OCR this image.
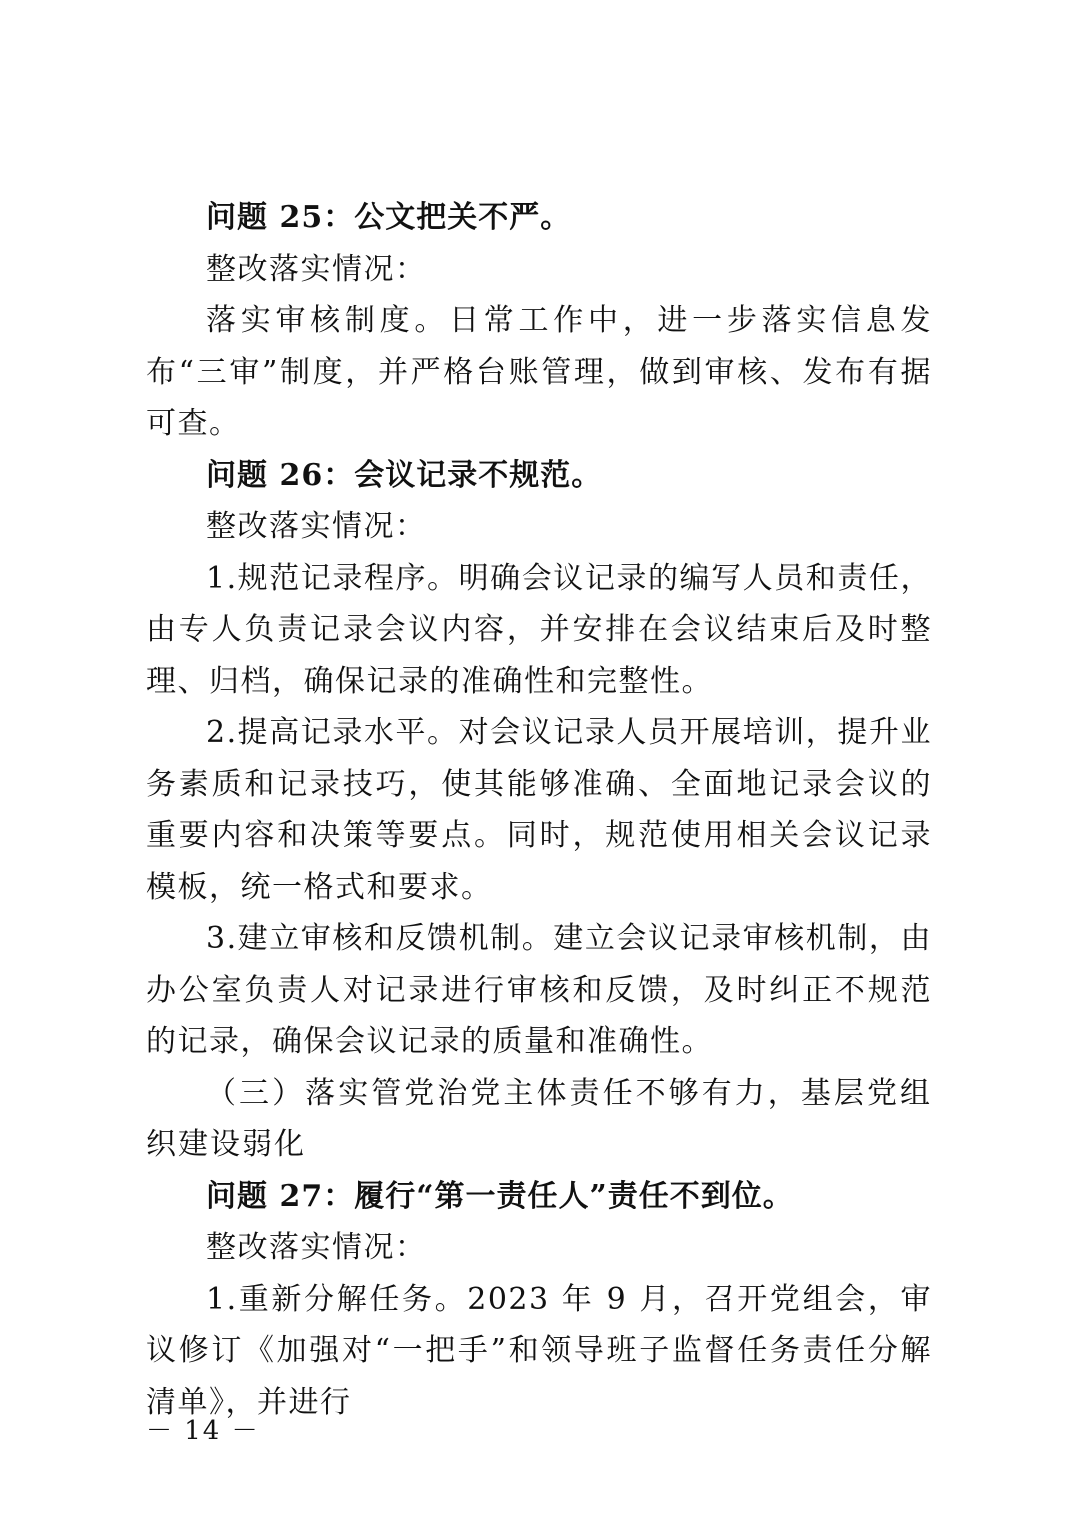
问题 25：公文把关不严。

整改落实情况：

落实审核制度。日常工作中，进一步落实信息发布“三审”制度，并严格台账管理，做到审核、发布有据可查。

问题 26：会议记录不规范。

整改落实情况：

1.规范记录程序。明确会议记录的编写人员和责任，由专人负责记录会议内容，并安排在会议结束后及时整理、归档，确保记录的准确性和完整性。

2.提高记录水平。对会议记录人员开展培训，提升业务素质和记录技巧，使其能够准确、全面地记录会议的重要内容和决策等要点。同时，规范使用相关会议记录模板，统一格式和要求。

3.建立审核和反馈机制。建立会议记录审核机制，由办公室负责人对记录进行审核和反馈，及时纠正不规范的记录，确保会议记录的质量和准确性。

（三）落实管党治党主体责任不够有力，基层党组织建设弱化

问题 27：履行“第一责任人”责任不到位。

整改落实情况：

1.重新分解任务。2023 年 9 月，召开党组会，审议修订《加强对“一把手”和领导班子监督任务责任分解清单》，并进行

－ 14 －
